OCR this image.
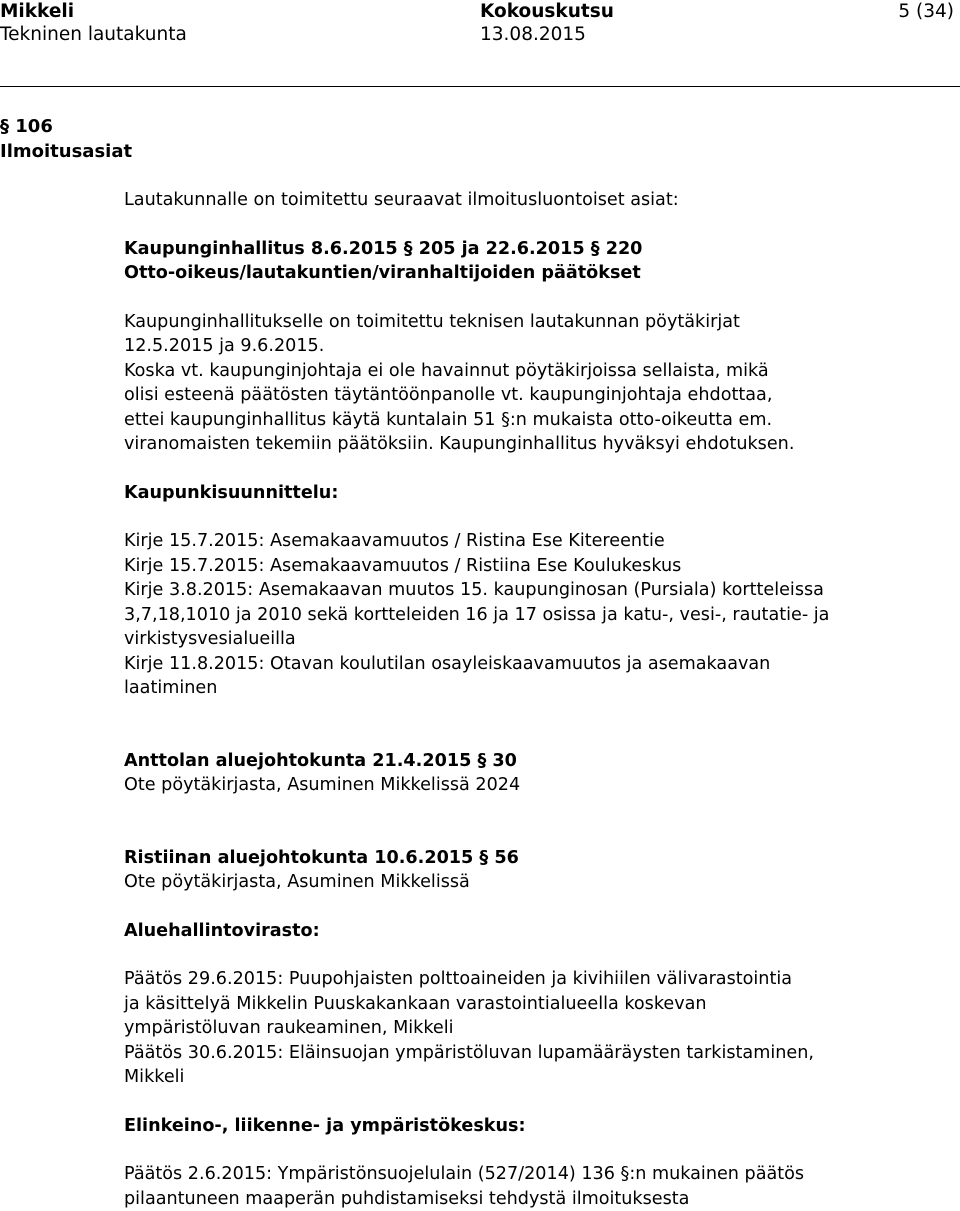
Mikkeli	Kokouskutsu	5 (34)
Tekninen lautakunta	13.08.2015
§ 106
Ilmoitusasiat

Lautakunnalle on toimitettu seuraavat ilmoitusluontoiset asiat:

Kaupunginhallitus 8.6.2015 § 205 ja 22.6.2015 § 220

Otto-oikeus/lautakuntien/viranhaltijoiden päätökset

Kaupunginhallitukselle on toimitettu teknisen lautakunnan pöytäkirjat

12.5.2015 ja 9.6.2015.

Koska vt. kaupunginjohtaja ei ole havainnut pöytäkirjoissa sellaista, mikä

olisi esteenä päätösten täytäntöönpanolle vt. kaupunginjohtaja ehdottaa,

ettei kaupunginhallitus käytä kuntalain 51 §:n mukaista otto-oikeutta em.

viranomaisten tekemiin päätöksiin. Kaupunginhallitus hyväksyi ehdotuksen.

Kaupunkisuunnittelu:

Kirje 15.7.2015: Asemakaavamuutos / Ristina Ese Kitereentie

Kirje 15.7.2015: Asemakaavamuutos / Ristiina Ese Koulukeskus

Kirje 3.8.2015: Asemakaavan muutos 15. kaupunginosan (Pursiala) kortteleissa

3,7,18,1010 ja 2010 sekä kortteleiden 16 ja 17 osissa ja katu-, vesi-, rautatie- ja

virkistysvesialueilla

Kirje 11.8.2015: Otavan koulutilan osayleiskaavamuutos ja asemakaavan

laatiminen

Anttolan aluejohtokunta 21.4.2015 § 30

Ote pöytäkirjasta, Asuminen Mikkelissä 2024

Ristiinan aluejohtokunta 10.6.2015 § 56

Ote pöytäkirjasta, Asuminen Mikkelissä

Aluehallintovirasto:

Päätös 29.6.2015: Puupohjaisten polttoaineiden ja kivihiilen välivarastointia

ja käsittelyä Mikkelin Puuskakankaan varastointialueella koskevan

ympäristöluvan raukeaminen, Mikkeli

Päätös 30.6.2015: Eläinsuojan ympäristöluvan lupamääräysten tarkistaminen,

Mikkeli

Elinkeino-, liikenne- ja ympäristökeskus:

Päätös 2.6.2015: Ympäristönsuojelulain (527/2014) 136 §:n mukainen päätös

pilaantuneen maaperän puhdistamiseksi tehdystä ilmoituksesta
